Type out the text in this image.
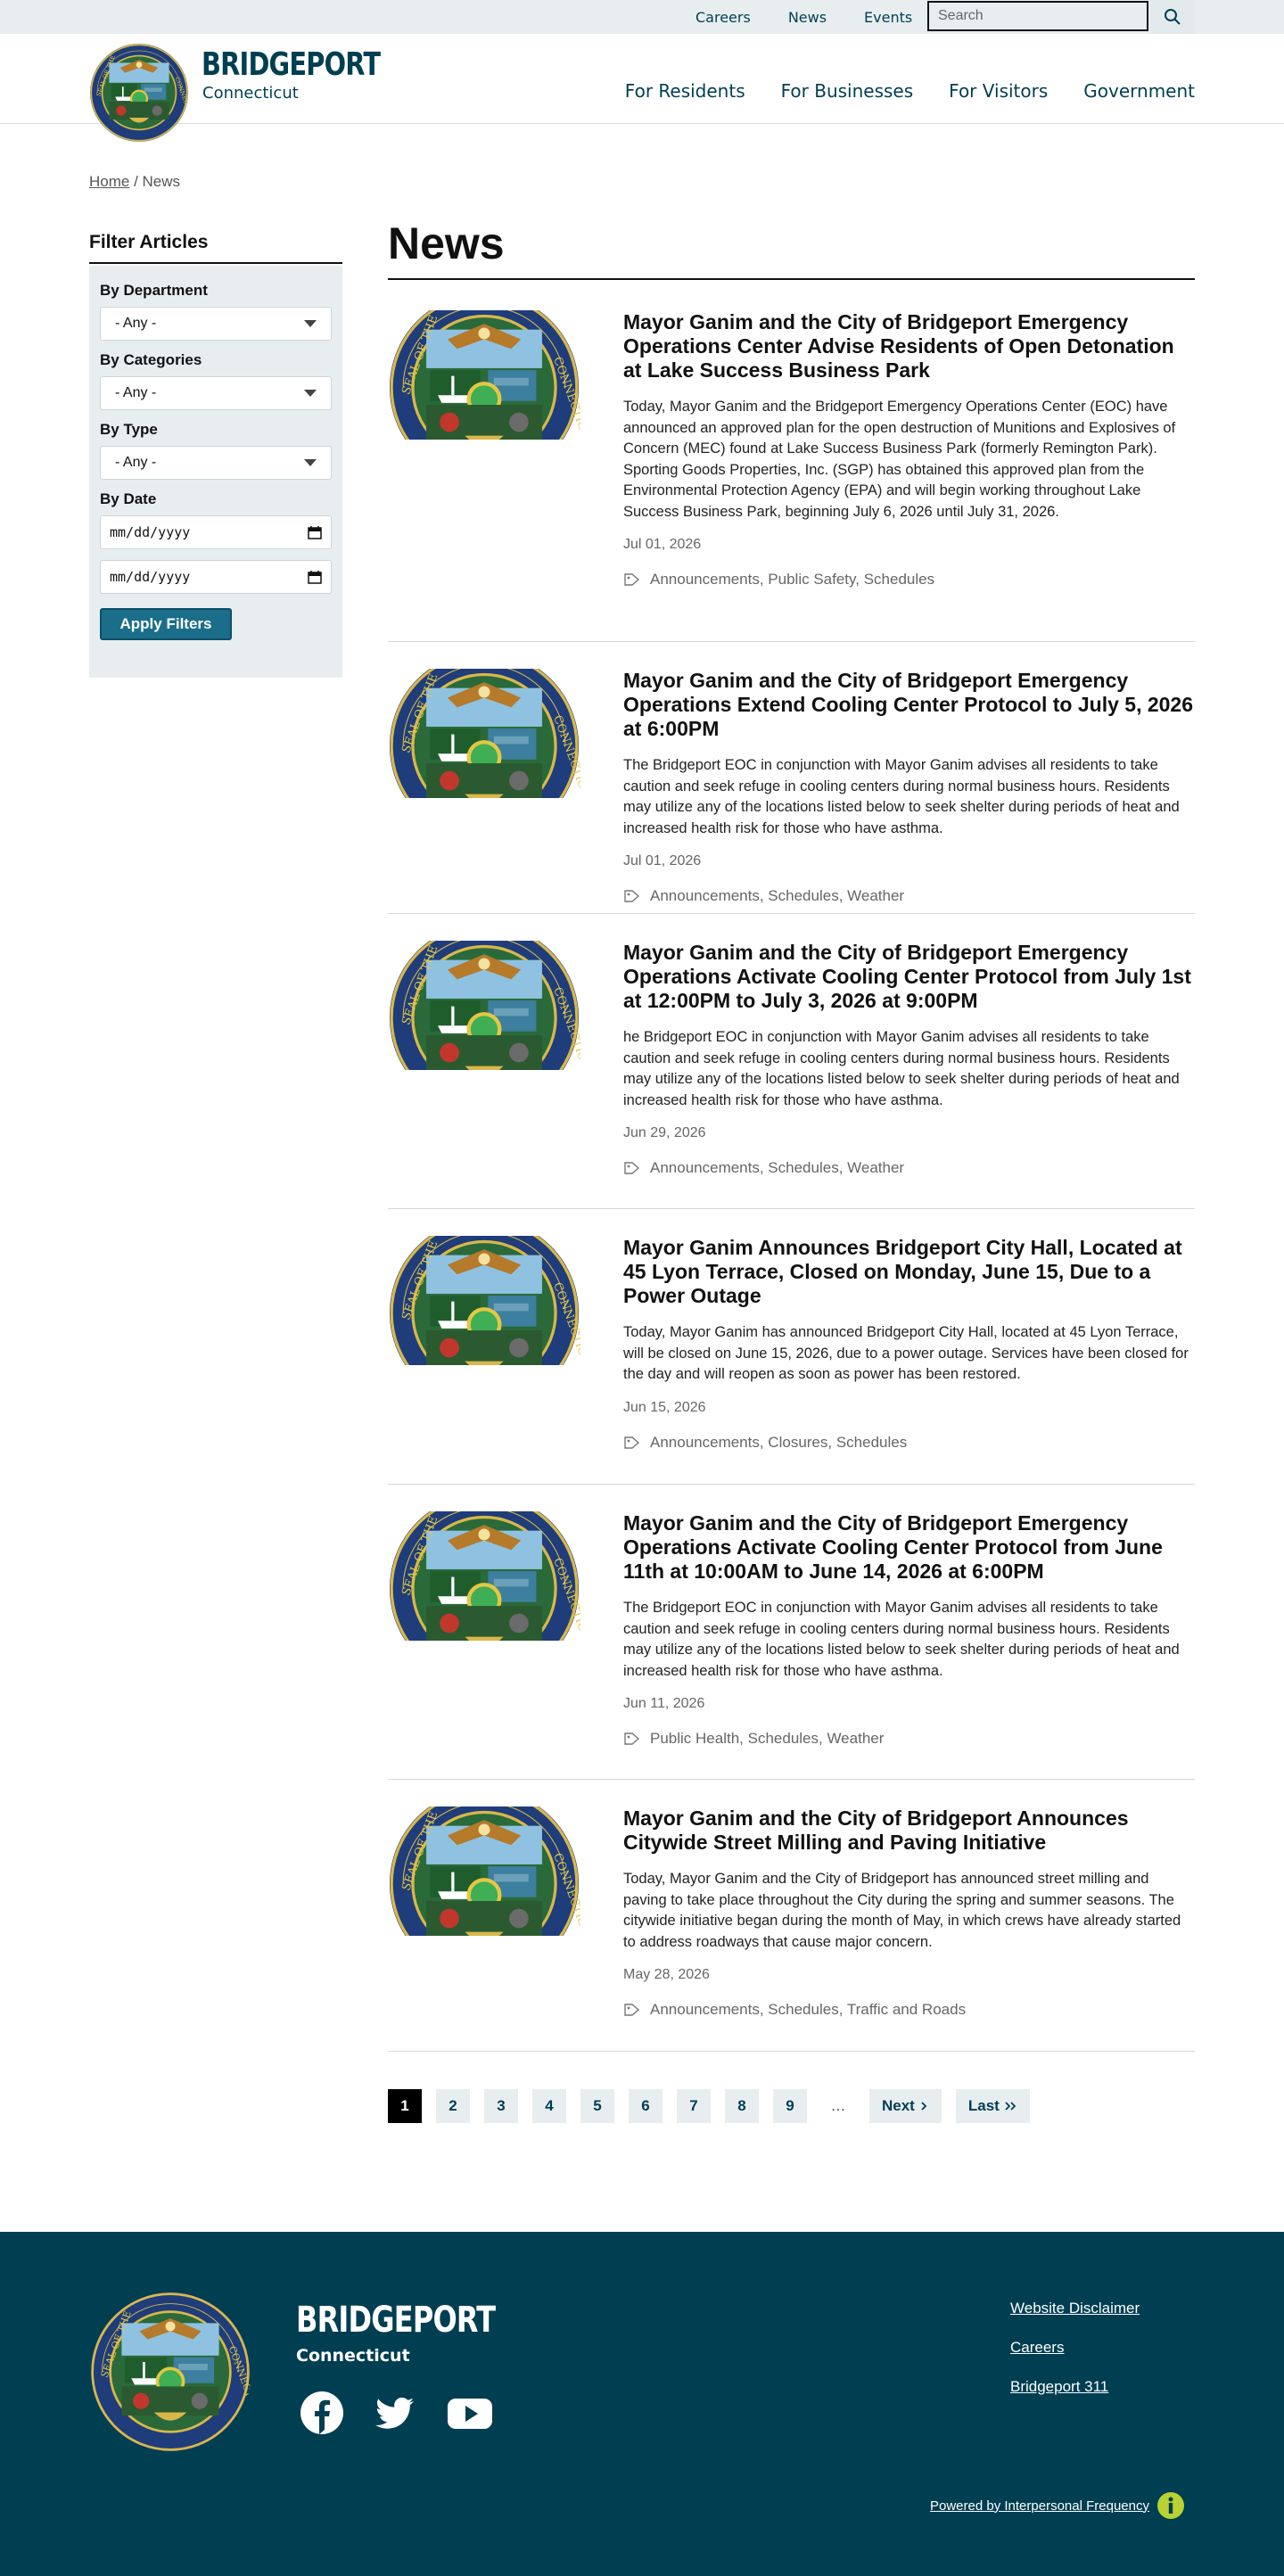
Careers	News	Events
Search
BRIDGEPORT
Connecticut	For Residents For Businesses For Visitors Government
Home / News
Filter Articles
By Department
- Any -
By Categories
- Any -
By Type
- Any -
By Date
mm/dd/yyyy
mm/dd/yyyy
Apply Filters
News
Mayor Ganim and the City of Bridgeport Emergency Operations Center Advise Residents of Open Detonation at Lake Success Business Park
Today, Mayor Ganim and the Bridgeport Emergency Operations Center (EOC) have announced an approved plan for the open destruction of Munitions and Explosives of Concern (MEC) found at Lake Success Business Park (formerly Remington Park). Sporting Goods Properties, Inc. (SGP) has obtained this approved plan from the Environmental Protection Agency (EPA) and will begin working throughout Lake Success Business Park, beginning July 6, 2026 until July 31, 2026.
Jul 01, 2026
Announcements, Public Safety, Schedules
Mayor Ganim and the City of Bridgeport Emergency Operations Extend Cooling Center Protocol to July 5, 2026 at 6:00PM
The Bridgeport EOC in conjunction with Mayor Ganim advises all residents to take caution and seek refuge in cooling centers during normal business hours. Residents may utilize any of the locations listed below to seek shelter during periods of heat and increased health risk for those who have asthma.
Jul 01, 2026
Announcements, Schedules, Weather
Mayor Ganim and the City of Bridgeport Emergency Operations Activate Cooling Center Protocol from July 1st at 12:00PM to July 3, 2026 at 9:00PM
he Bridgeport EOC in conjunction with Mayor Ganim advises all residents to take caution and seek refuge in cooling centers during normal business hours. Residents may utilize any of the locations listed below to seek shelter during periods of heat and increased health risk for those who have asthma.
Jun 29, 2026
Announcements, Schedules, Weather
Mayor Ganim Announces Bridgeport City Hall, Located at 45 Lyon Terrace, Closed on Monday, June 15, Due to a Power Outage
Today, Mayor Ganim has announced Bridgeport City Hall, located at 45 Lyon Terrace, will be closed on June 15, 2026, due to a power outage. Services have been closed for the day and will reopen as soon as power has been restored.
Jun 15, 2026
Announcements, Closures, Schedules
Mayor Ganim and the City of Bridgeport Emergency Operations Activate Cooling Center Protocol from June 11th at 10:00AM to June 14, 2026 at 6:00PM
The Bridgeport EOC in conjunction with Mayor Ganim advises all residents to take caution and seek refuge in cooling centers during normal business hours. Residents may utilize any of the locations listed below to seek shelter during periods of heat and increased health risk for those who have asthma.
Jun 11, 2026
Public Health, Schedules, Weather
Mayor Ganim and the City of Bridgeport Announces Citywide Street Milling and Paving Initiative
Today, Mayor Ganim and the City of Bridgeport has announced street milling and paving to take place throughout the City during the spring and summer seasons. The citywide initiative began during the month of May, in which crews have already started to address roadways that cause major concern.
May 28, 2026
Announcements, Schedules, Traffic and Roads
1	2	3	4	5	6	7	8	9	…	Next	Last
BRIDGEPORT
Connecticut
Website Disclaimer
Careers
Bridgeport 311
Powered by Interpersonal Frequency
